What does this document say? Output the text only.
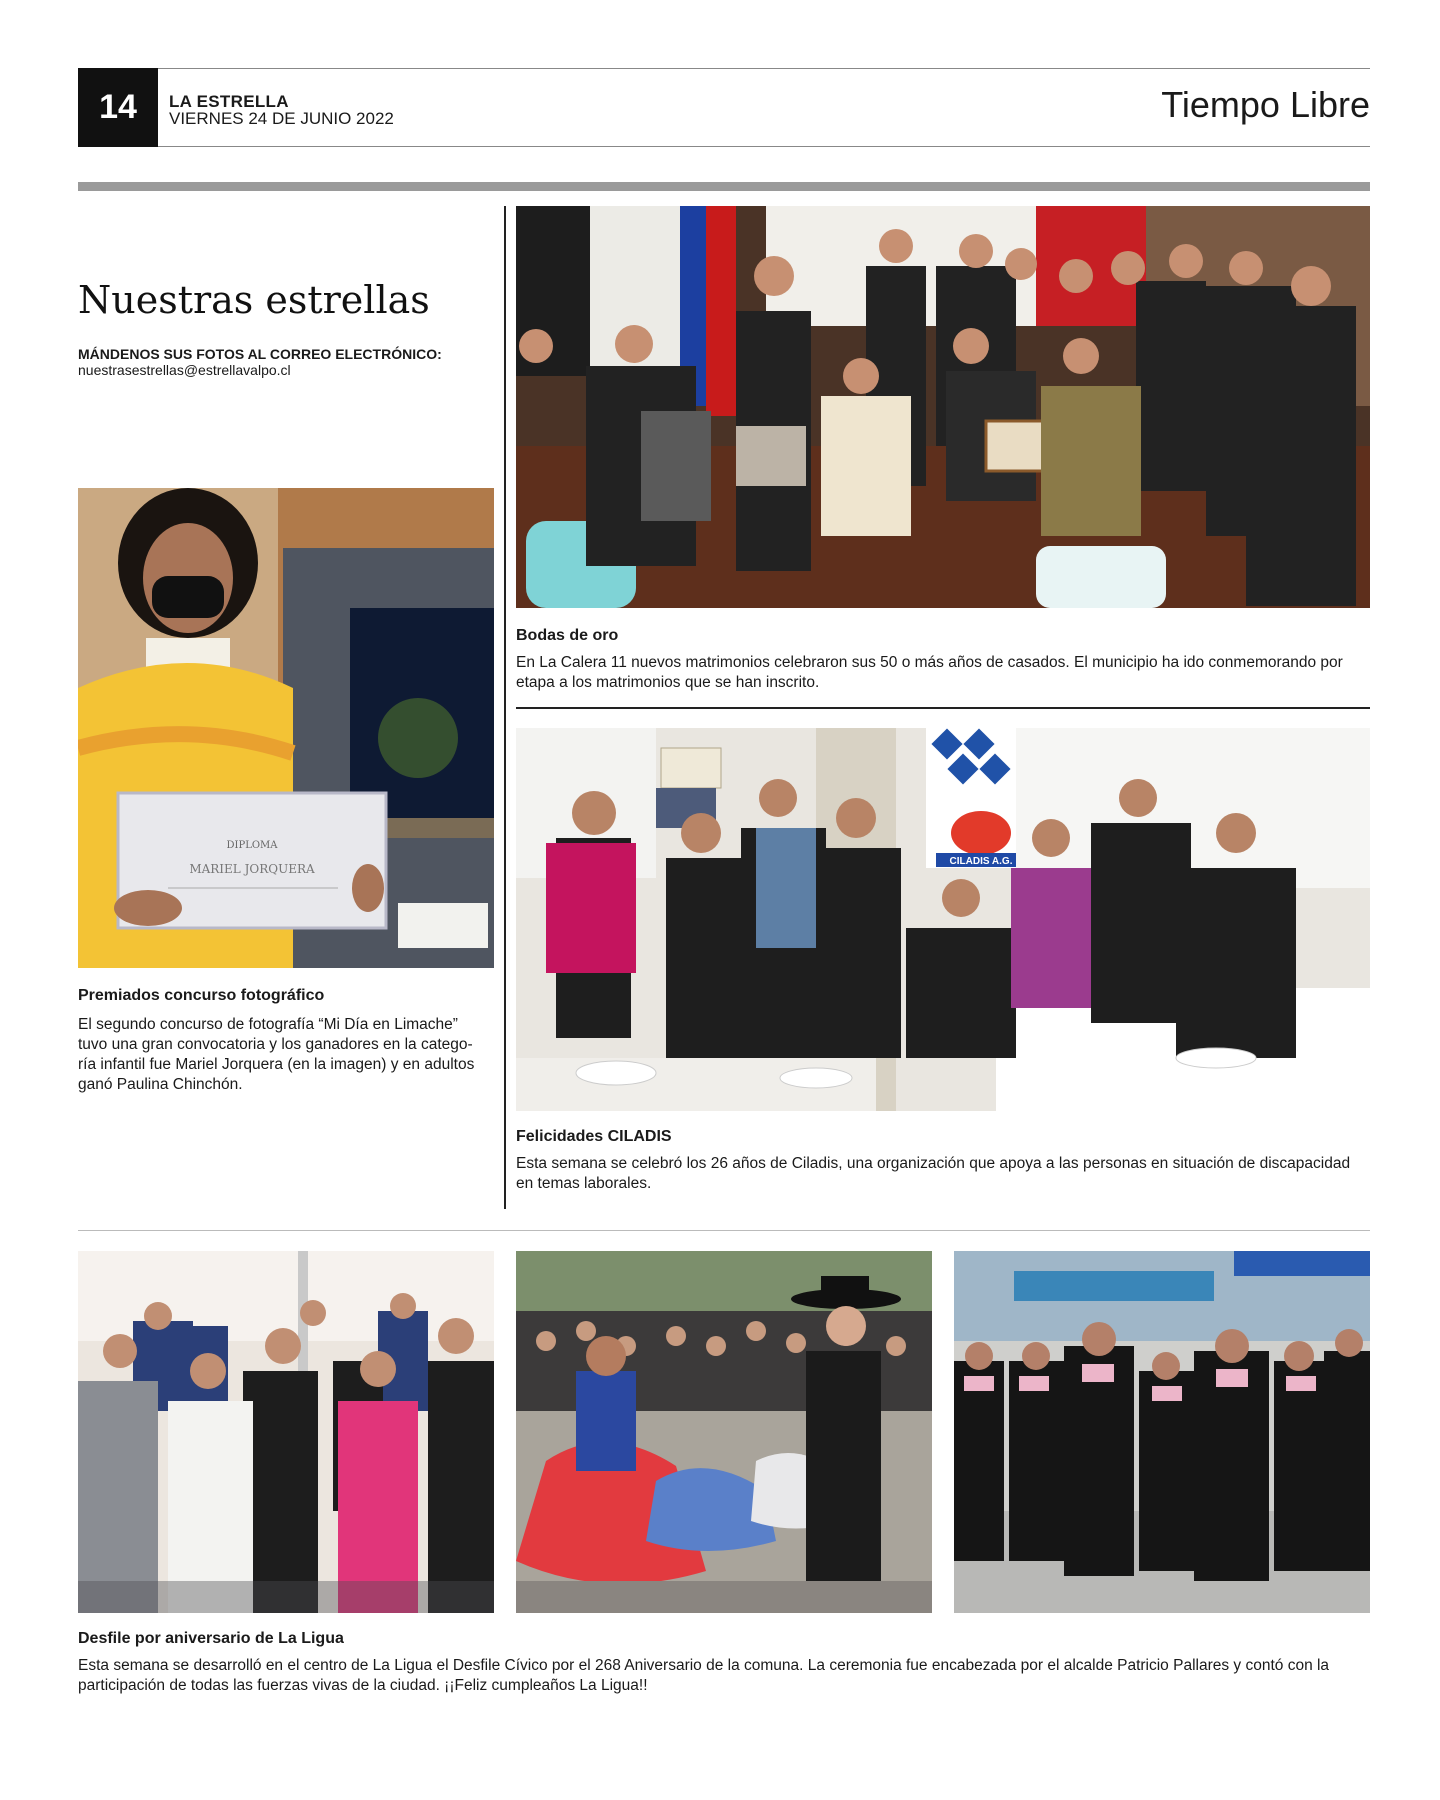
14	LA ESTRELLA
VIERNES 24 DE JUNIO 2022	Tiempo Libre
Nuestras estrellas
MÁNDENOS SUS FOTOS AL CORREO ELECTRÓNICO:
nuestrasestrellas@estrellavalpo.cl
DIPLOMA
MARIEL JORQUERA
Premiados concurso fotográfico
El segundo concurso de fotografía “Mi Día en Limache”
tuvo una gran convocatoria y los ganadores en la catego-
ría infantil fue Mariel Jorquera (en la imagen) y en adultos
ganó Paulina Chinchón.
Bodas de oro
En La Calera 11 nuevos matrimonios celebraron sus 50 o más años de casados. El municipio ha ido conmemorando por
etapa a los matrimonios que se han inscrito.
CILADIS A.G.
Felicidades CILADIS
Esta semana se celebró los 26 años de Ciladis, una organización que apoya a las personas en situación de discapacidad
en temas laborales.
Desfile por aniversario de La Ligua
Esta semana se desarrolló en el centro de La Ligua el Desfile Cívico por el 268 Aniversario de la comuna. La ceremonia fue encabezada por el alcalde Patricio Pallares y contó con la
participación de todas las fuerzas vivas de la ciudad. ¡¡Feliz cumpleaños La Ligua!!
